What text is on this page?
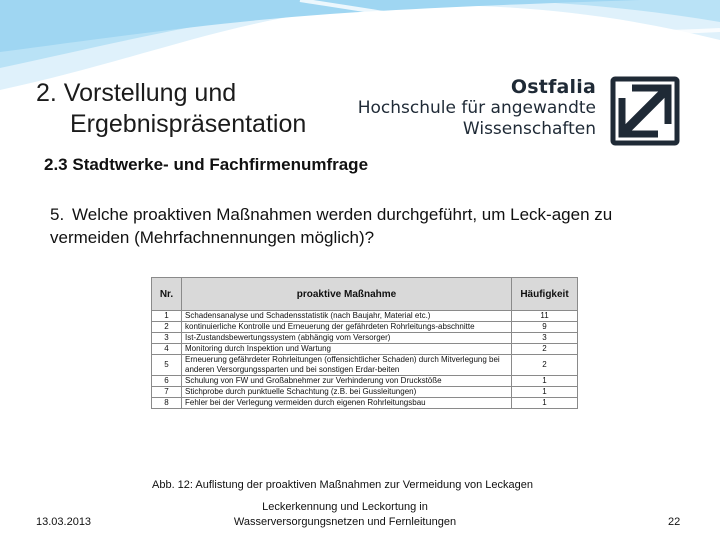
2. Vorstellung und
Ergebnispräsentation
Ostfalia
Hochschule für angewandte
Wissenschaften
2.3 Stadtwerke- und Fachfirmenumfrage
5. Welche proaktiven Maßnahmen werden durchgeführt, um Leck-agen zu vermeiden (Mehrfachnennungen möglich)?
Nr.	proaktive Maßnahme	Häufigkeit
1	Schadensanalyse und Schadensstatistik (nach Baujahr, Material etc.)	11
2	kontinuierliche Kontrolle und Erneuerung der gefährdeten Rohrleitungs-abschnitte	9
3	Ist-Zustandsbewertungssystem (abhängig vom Versorger)	3
4	Monitoring durch Inspektion und Wartung	2
5	Erneuerung gefährdeter Rohrleitungen (offensichtlicher Schaden) durch Mitverlegung bei anderen Versorgungssparten und bei sonstigen Erdar-beiten	2
6	Schulung von FW und Großabnehmer zur Verhinderung von Druckstöße	1
7	Stichprobe durch punktuelle Schachtung (z.B. bei Gussleitungen)	1
8	Fehler bei der Verlegung vermeiden durch eigenen Rohrleitungsbau	1
Abb. 12: Auflistung der proaktiven Maßnahmen zur Vermeidung von Leckagen
13.03.2013
Leckerkennung und Leckortung in
Wasserversorgungsnetzen und Fernleitungen	22
